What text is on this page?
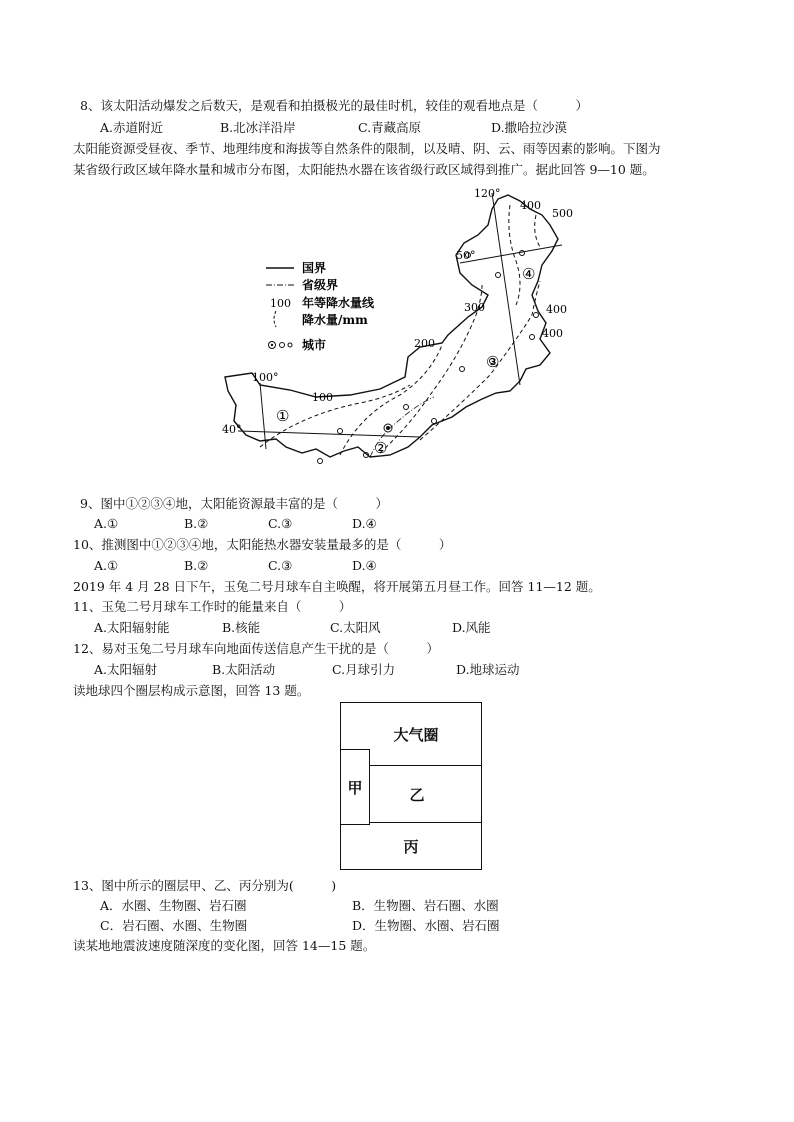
8、该太阳活动爆发之后数天，是观看和拍摄极光的最佳时机，较佳的观看地点是（　　　）
A.赤道附近	B.北冰洋沿岸	C.青藏高原	D.撒哈拉沙漠
太阳能资源受昼夜、季节、地理纬度和海拔等自然条件的限制，以及晴、阴、云、雨等因素的影响。下图为
某省级行政区域年降水量和城市分布图，太阳能热水器在该省级行政区域得到推广。据此回答 9—10 题。
120°
50°
100°
40°
400
500
400
400
300
200
100
①
②
③
④
国界
省级界
100 年等降水量线
降水量/mm
城市
9、图中①②③④地，太阳能资源最丰富的是（　　　）
A.①	B.②	C.③	D.④
10、推测图中①②③④地，太阳能热水器安装量最多的是（　　　）
A.①	B.②	C.③	D.④
2019 年 4 月 28 日下午，玉兔二号月球车自主唤醒，将开展第五月昼工作。回答 11—12 题。
11、玉兔二号月球车工作时的能量来自（　　　）
A.太阳辐射能	B.核能	C.太阳风	D.风能
12、易对玉兔二号月球车向地面传送信息产生干扰的是（　　　）
A.太阳辐射	B.太阳活动	C.月球引力	D.地球运动
读地球四个圈层构成示意图，回答 13 题。
大气圈
乙
丙
甲
13、图中所示的圈层甲、乙、丙分别为(　　　)
A．水圈、生物圈、岩石圈	B．生物圈、岩石圈、水圈
C．岩石圈、水圈、生物圈	D．生物圈、水圈、岩石圈
读某地地震波速度随深度的变化图，回答 14—15 题。
